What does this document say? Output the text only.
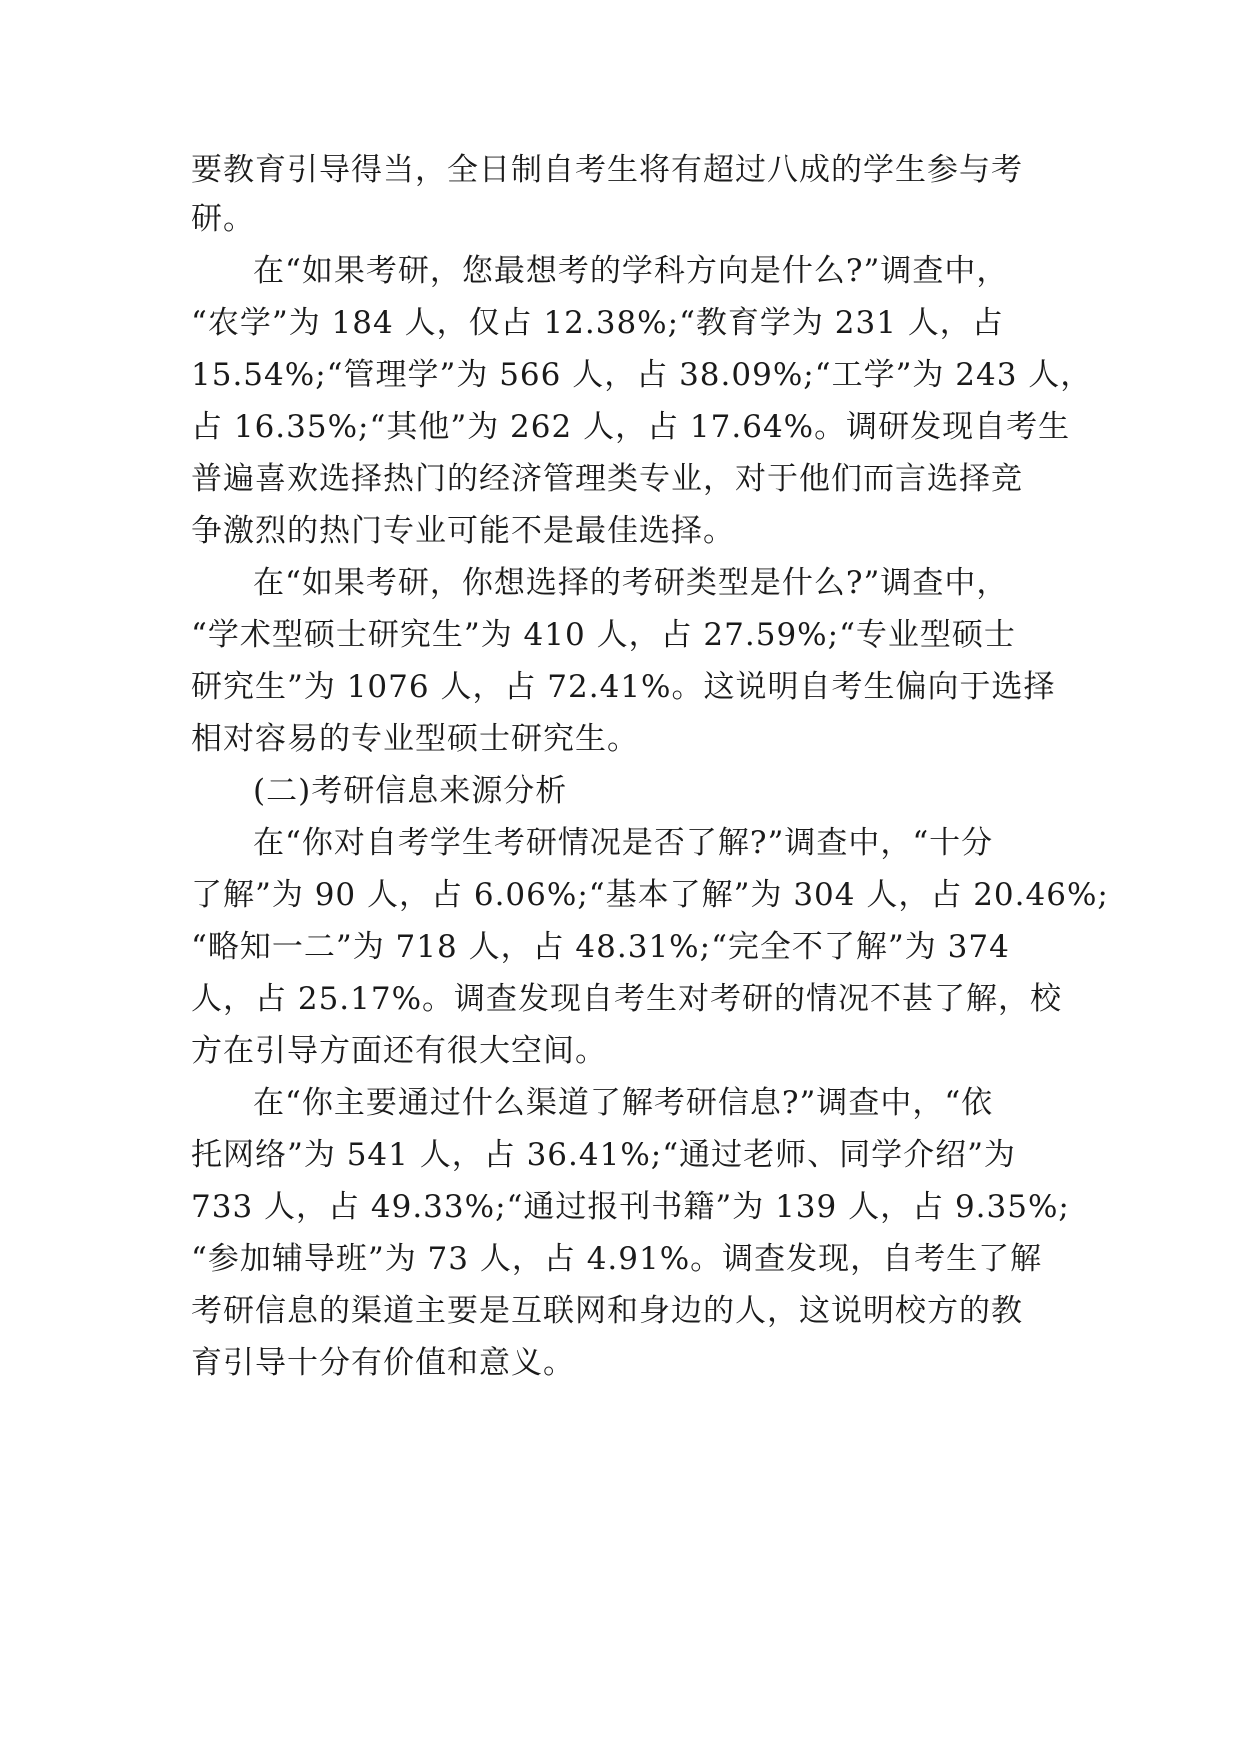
要教育引导得当，全日制自考生将有超过八成的学生参与考

研。

在“如果考研，您最想考的学科方向是什么?”调查中，

“农学”为 184 人，仅占 12.38%;“教育学为 231 人，占

15.54%;“管理学”为 566 人，占 38.09%;“工学”为 243 人，

占 16.35%;“其他”为 262 人，占 17.64%。调研发现自考生

普遍喜欢选择热门的经济管理类专业，对于他们而言选择竞

争激烈的热门专业可能不是最佳选择。

在“如果考研，你想选择的考研类型是什么?”调查中，

“学术型硕士研究生”为 410 人，占 27.59%;“专业型硕士

研究生”为 1076 人，占 72.41%。这说明自考生偏向于选择

相对容易的专业型硕士研究生。

(二)考研信息来源分析

在“你对自考学生考研情况是否了解?”调查中，“十分

了解”为 90 人，占 6.06%;“基本了解”为 304 人，占 20.46%;

“略知一二”为 718 人，占 48.31%;“完全不了解”为 374

人，占 25.17%。调查发现自考生对考研的情况不甚了解，校

方在引导方面还有很大空间。

在“你主要通过什么渠道了解考研信息?”调查中，“依

托网络”为 541 人，占 36.41%;“通过老师、同学介绍”为

733 人，占 49.33%;“通过报刊书籍”为 139 人，占 9.35%;

“参加辅导班”为 73 人，占 4.91%。调查发现，自考生了解

考研信息的渠道主要是互联网和身边的人，这说明校方的教

育引导十分有价值和意义。
